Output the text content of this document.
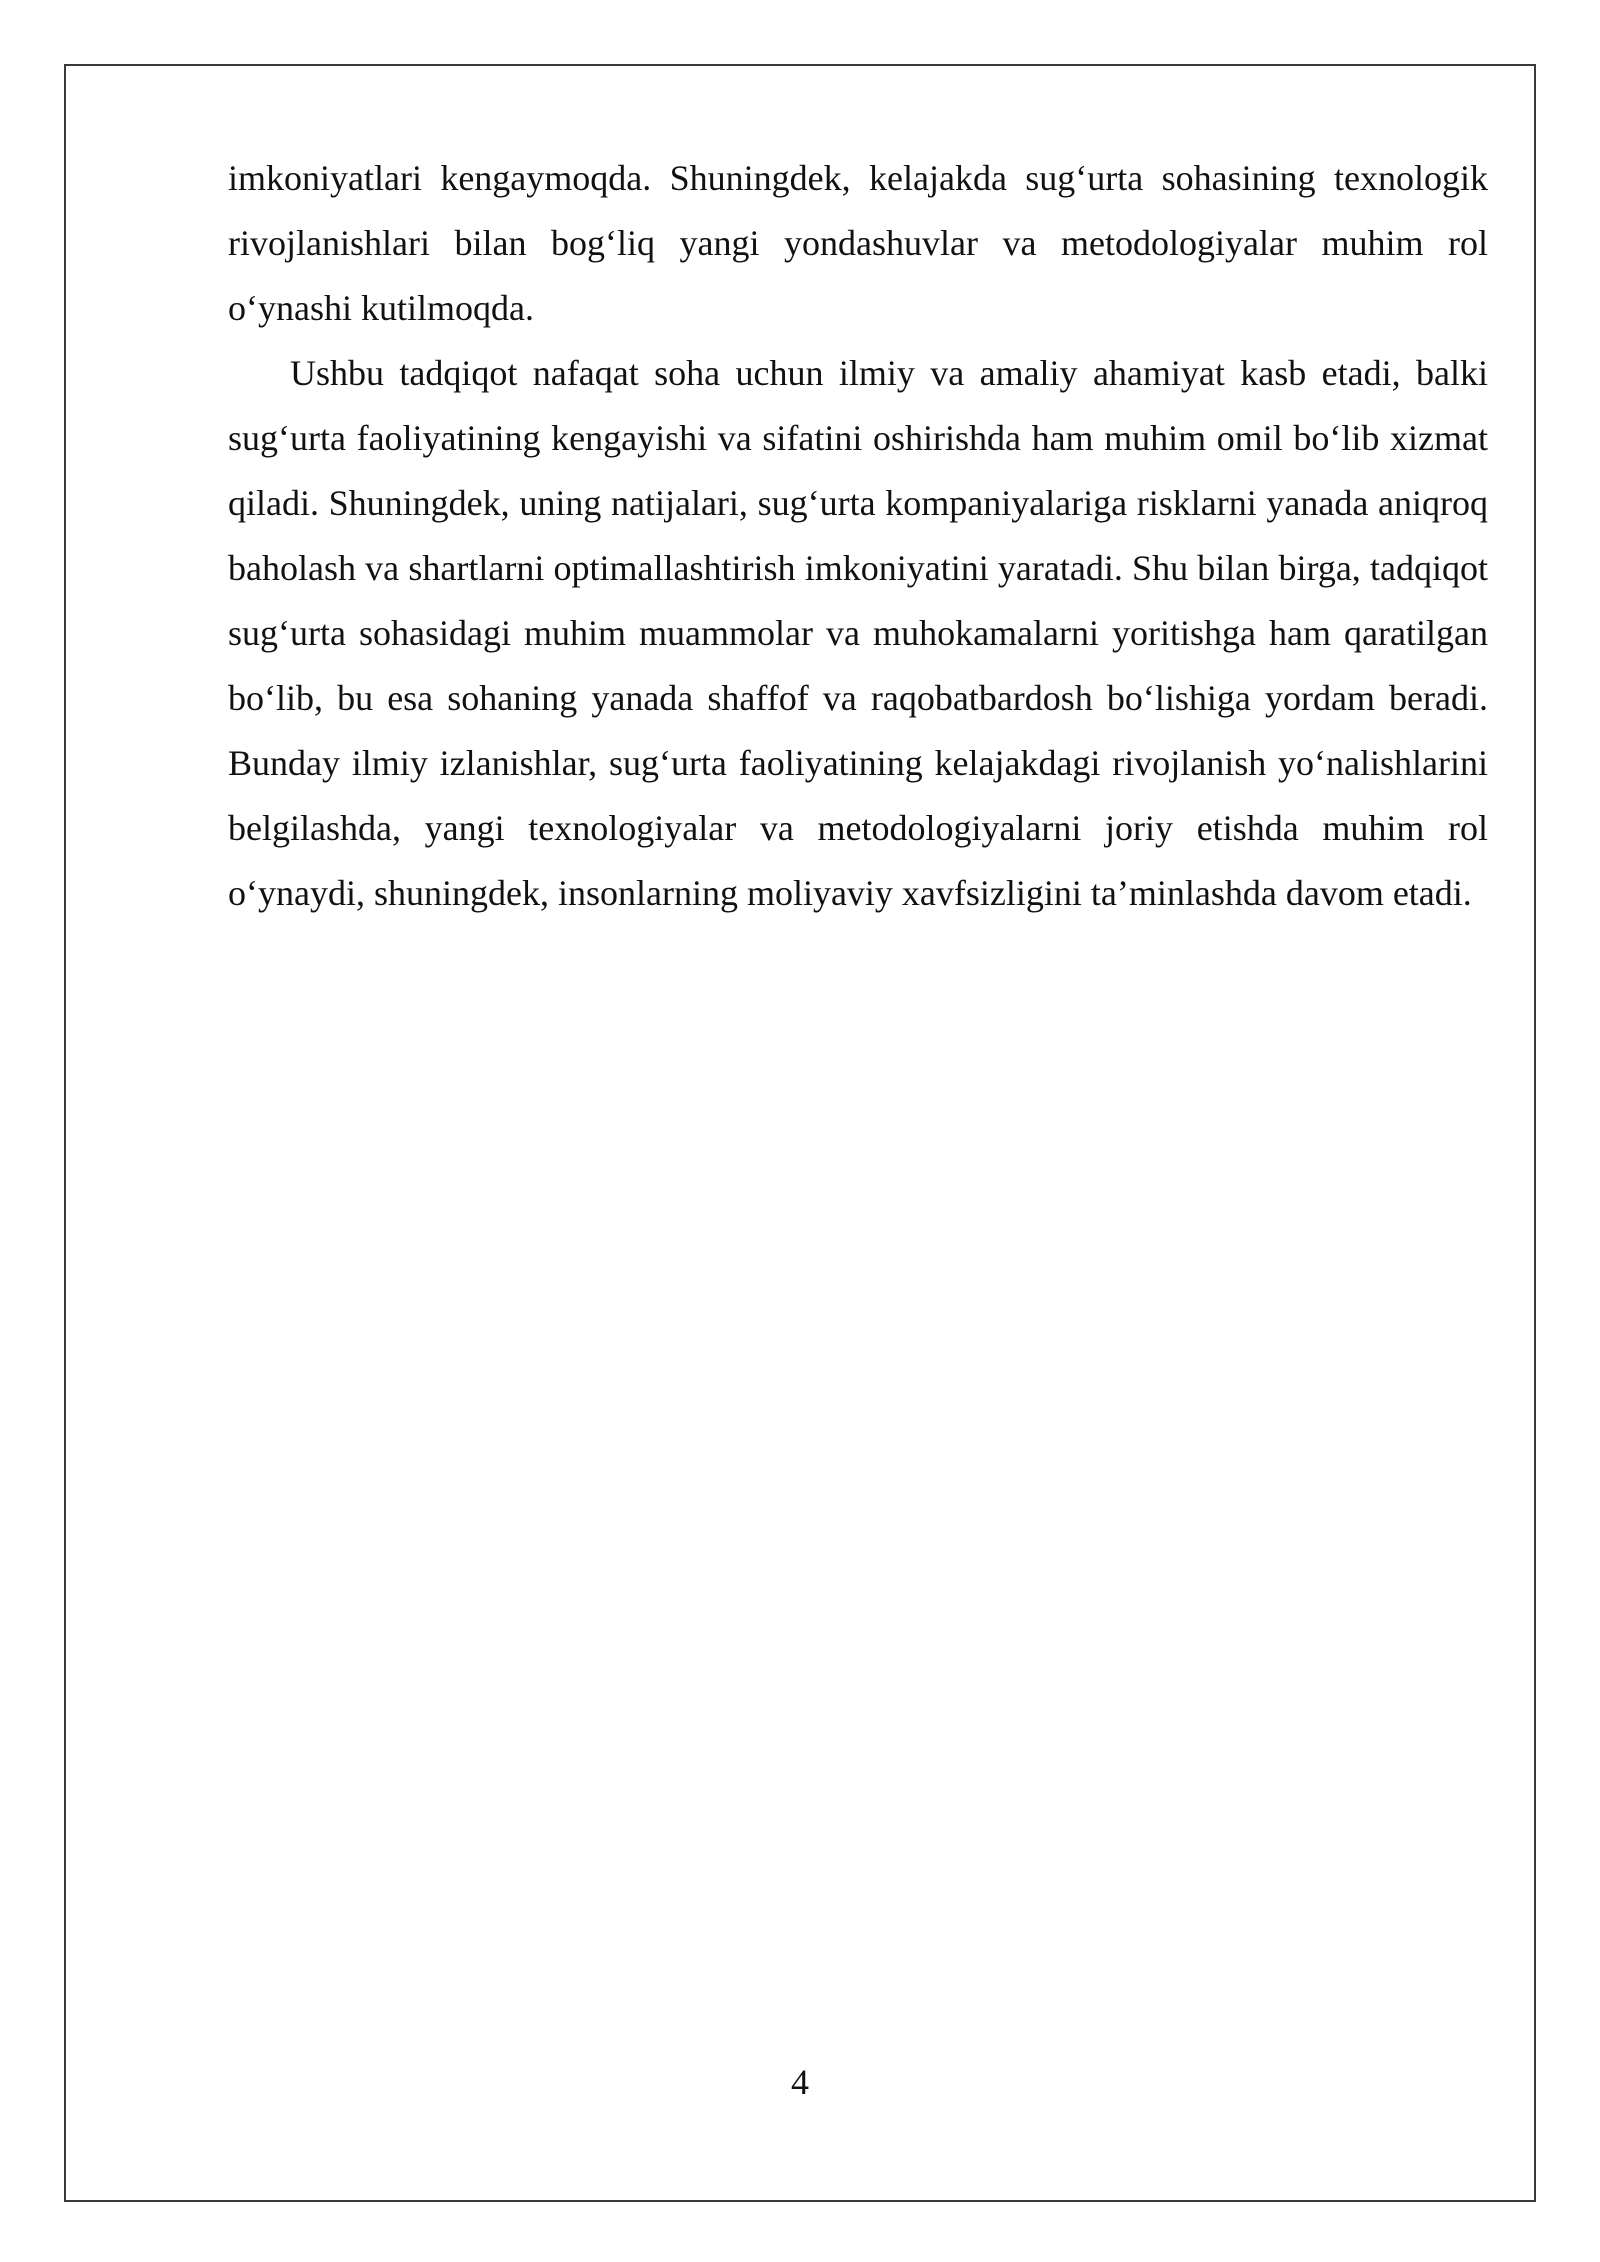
imkoniyatlari kengaymoqda. Shuningdek, kelajakda sug‘urta sohasining texnologik rivojlanishlari bilan bog‘liq yangi yondashuvlar va metodologiyalar muhim rol o‘ynashi kutilmoqda.

Ushbu tadqiqot nafaqat soha uchun ilmiy va amaliy ahamiyat kasb etadi, balki sug‘urta faoliyatining kengayishi va sifatini oshirishda ham muhim omil bo‘lib xizmat qiladi. Shuningdek, uning natijalari, sug‘urta kompaniyalariga risklarni yanada aniqroq baholash va shartlarni optimallashtirish imkoniyatini yaratadi. Shu bilan birga, tadqiqot sug‘urta sohasidagi muhim muammolar va muhokamalarni yoritishga ham qaratilgan bo‘lib, bu esa sohaning yanada shaffof va raqobatbardosh bo‘lishiga yordam beradi. Bunday ilmiy izlanishlar, sug‘urta faoliyatining kelajakdagi rivojlanish yo‘nalishlarini belgilashda, yangi texnologiyalar va metodologiyalarni joriy etishda muhim rol o‘ynaydi, shuningdek, insonlarning moliyaviy xavfsizligini ta’minlashda davom etadi.

4
